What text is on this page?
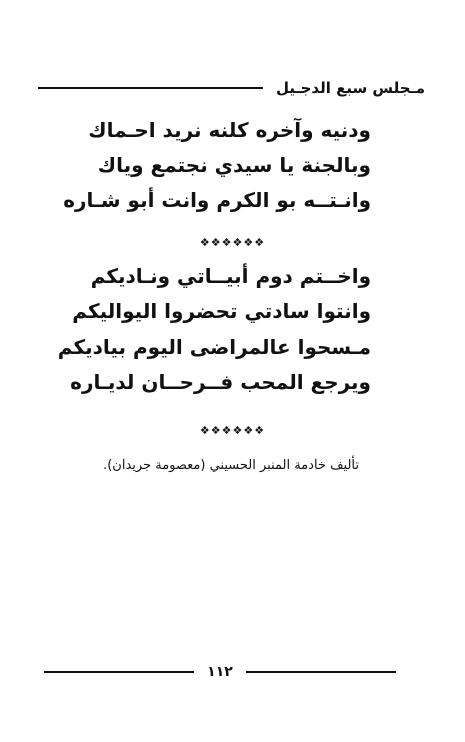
مـجلس سبع الدجـيل
ودنيه وآخره كلنه نريد احـماك
وبالجنة يا سيدي نجتمع وياك
وانـتــه بو الكرم وانت أبو شـاره
❖❖❖❖❖❖
واخــتم دوم أبيــاتي ونـاديكم
وانتوا سادتي تحضروا اليواليكم
مـسحوا عالمراضى اليوم بياديكم
ويرجع المحب فــرحــان لديـاره
❖❖❖❖❖❖
تأليف خادمة المنبر الحسيني (معصومة جريدان).
١١٢
